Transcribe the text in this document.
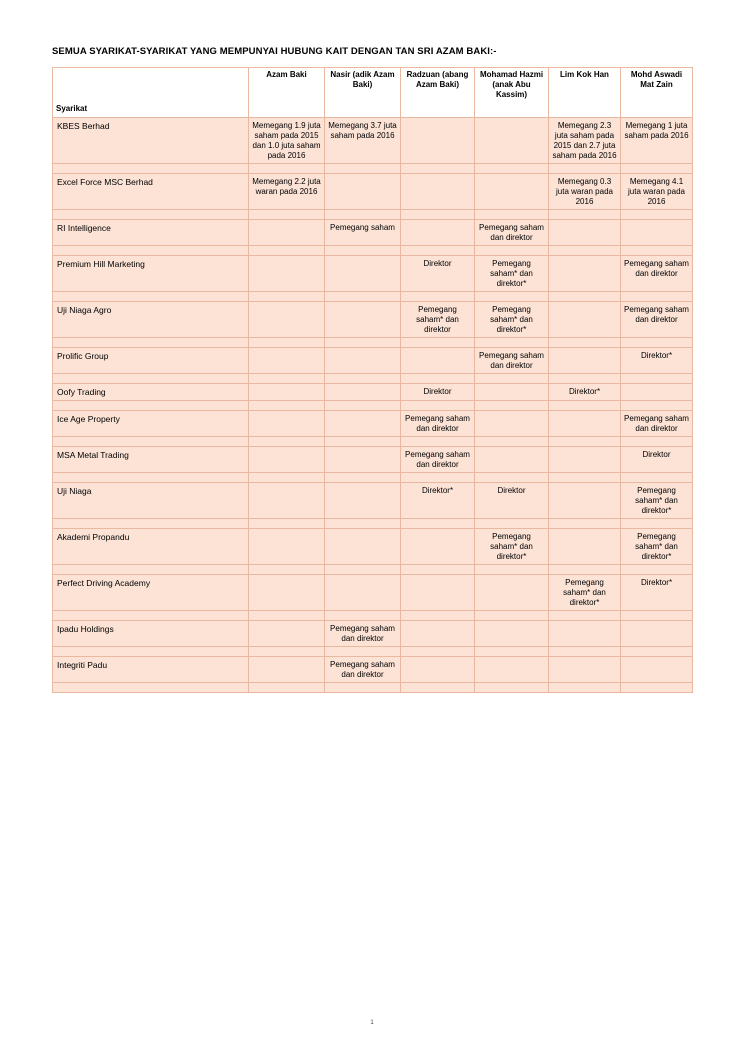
SEMUA SYARIKAT-SYARIKAT YANG MEMPUNYAI HUBUNG KAIT DENGAN TAN SRI AZAM BAKI:-
Syarikat	Azam Baki	Nasir (adik Azam Baki)	Radzuan (abang Azam Baki)	Mohamad Hazmi (anak Abu Kassim)	Lim Kok Han	Mohd Aswadi Mat Zain
KBES Berhad	Memegang 1.9 juta saham pada 2015 dan 1.0 juta saham pada 2016	Memegang 3.7 juta saham pada 2016			Memegang 2.3 juta saham pada 2015 dan 2.7 juta saham pada 2016	Memegang 1 juta saham pada 2016

Excel Force MSC Berhad	Memegang 2.2 juta waran pada 2016				Memegang 0.3 juta waran pada 2016	Memegang 4.1 juta waran pada 2016

RI Intelligence		Pemegang saham		Pemegang saham dan direktor		

Premium Hill Marketing			Direktor	Pemegang saham* dan direktor*		Pemegang saham dan direktor

Uji Niaga Agro			Pemegang saham* dan direktor	Pemegang saham* dan direktor*		Pemegang saham dan direktor

Prolific Group				Pemegang saham dan direktor		Direktor*

Oofy Trading			Direktor		Direktor*	

Ice Age Property			Pemegang saham dan direktor			Pemegang saham dan direktor

MSA Metal Trading			Pemegang saham dan direktor			Direktor

Uji Niaga			Direktor*	Direktor		Pemegang saham* dan direktor*

Akademi Propandu				Pemegang saham* dan direktor*		Pemegang saham* dan direktor*

Perfect Driving Academy					Pemegang saham* dan direktor*	Direktor*

Ipadu Holdings		Pemegang saham dan direktor				

Integriti Padu		Pemegang saham dan direktor				

1
